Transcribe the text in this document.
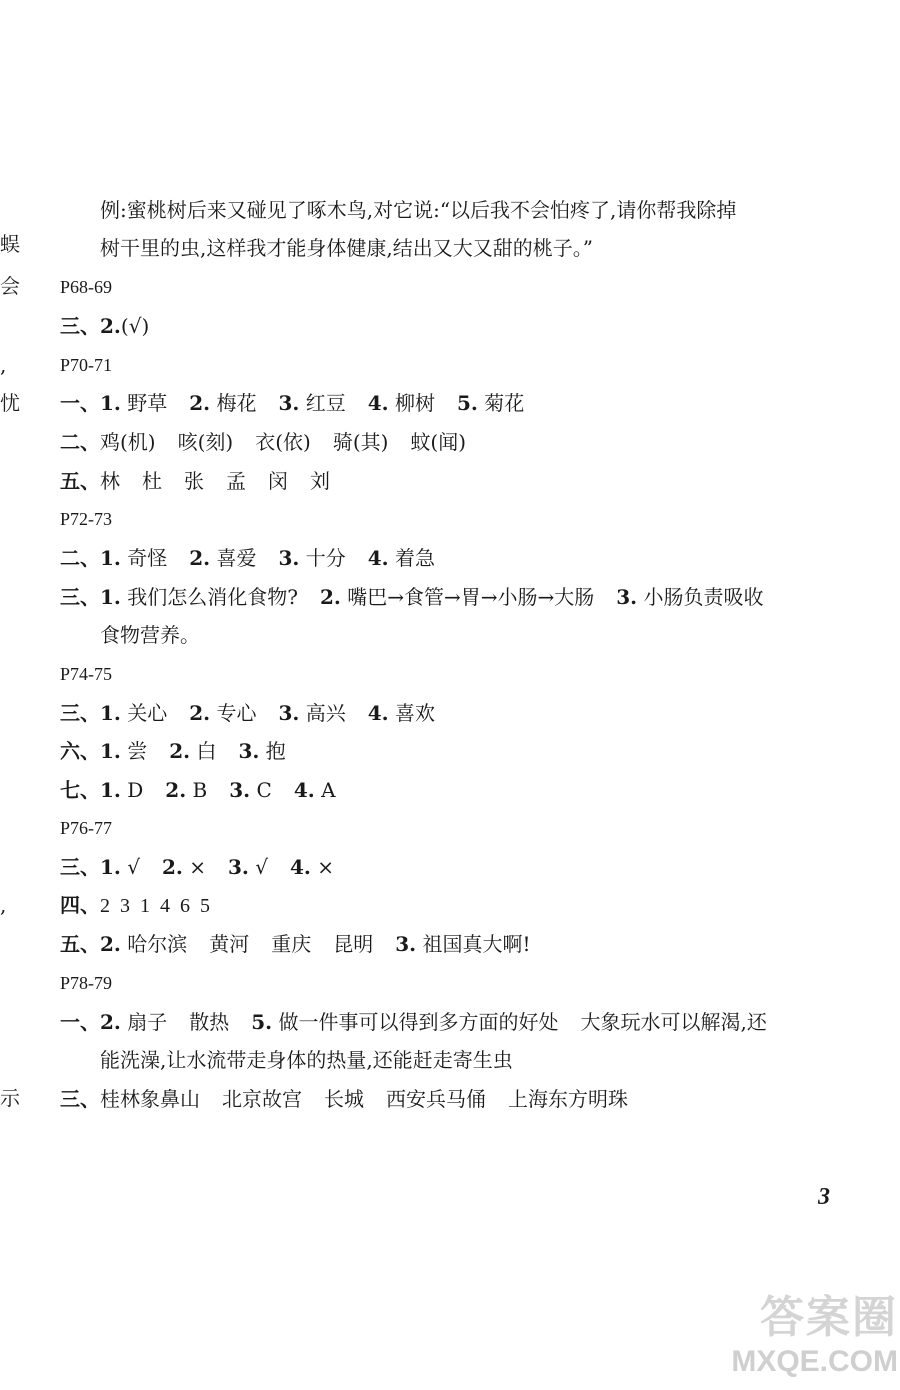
蜈
会
,
忧
,
示
例:蜜桃树后来又碰见了啄木鸟,对它说:“以后我不会怕疼了,请你帮我除掉
树干里的虫,这样我才能身体健康,结出又大又甜的桃子。”
P68-69
三、2.(√)
P70-71
一、1. 野草 2. 梅花 3. 红豆 4. 柳树 5. 菊花
二、鸡(机) 咳(刻) 衣(依) 骑(其) 蚊(闻)
五、林 杜 张 孟 闵 刘
P72-73
二、1. 奇怪 2. 喜爱 3. 十分 4. 着急
三、1. 我们怎么消化食物? 2. 嘴巴→食管→胃→小肠→大肠 3. 小肠负责吸收
食物营养。
P74-75
三、1. 关心 2. 专心 3. 高兴 4. 喜欢
六、1. 尝 2. 白 3. 抱
七、1. D 2. B 3. C 4. A
P76-77
三、1. √ 2. × 3. √ 4. ×
四、2  3  1  4  6  5
五、2. 哈尔滨 黄河 重庆 昆明 3. 祖国真大啊!
P78-79
一、2. 扇子 散热 5. 做一件事可以得到多方面的好处 大象玩水可以解渴,还
能洗澡,让水流带走身体的热量,还能赶走寄生虫
三、桂林象鼻山 北京故宫 长城 西安兵马俑 上海东方明珠
3
答案圈
MXQE.COM
